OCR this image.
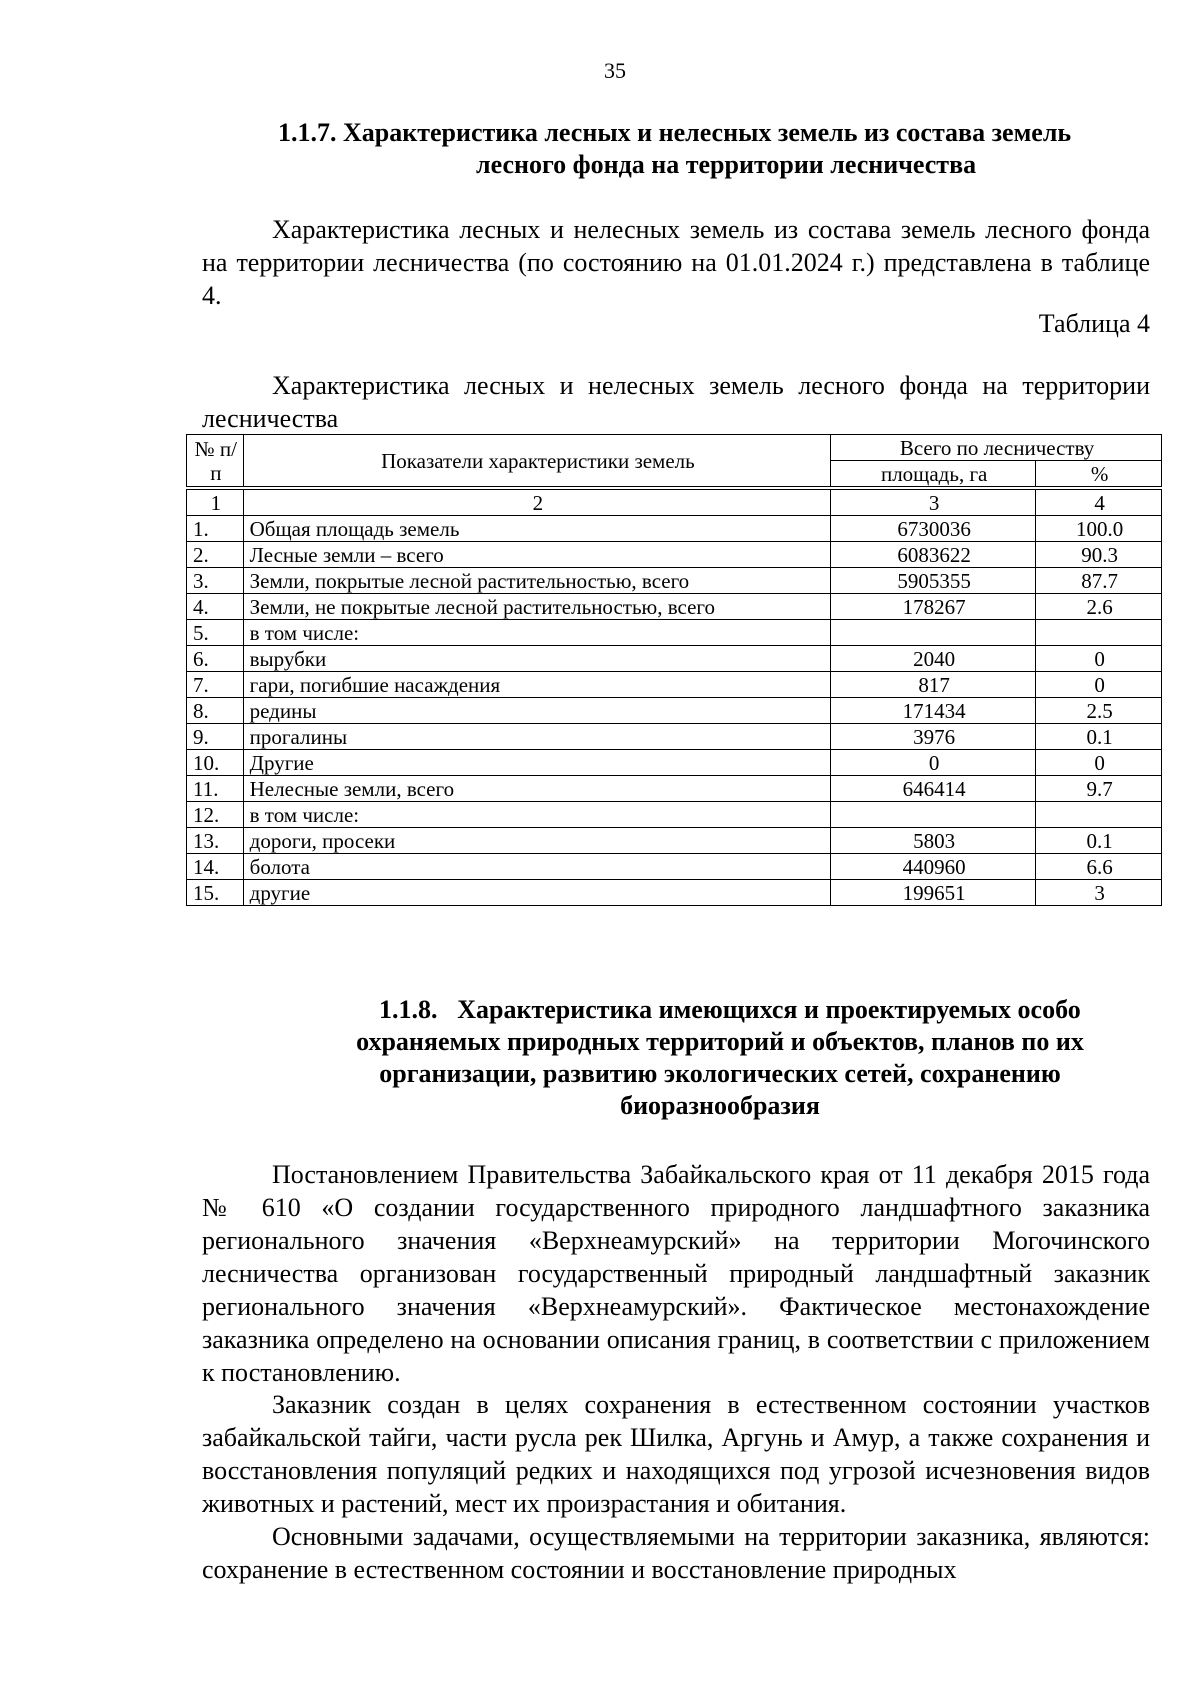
35
1.1.7. Характеристика лесных и нелесных земель из состава земель
лесного фонда на территории лесничества

Характеристика лесных и нелесных земель из состава земель лесного фонда на территории лесничества (по состоянию на 01.01.2024 г.) представлена в таблице 4.

Таблица 4

Характеристика лесных и нелесных земель лесного фонда на территории лесничества

№ п/п	Показатели характеристики земель	Всего по лесничеству	
		площадь, га	%
1	2	3	4
1.	Общая площадь земель	6730036	100.0
2.	Лесные земли – всего	6083622	90.3
3.	Земли, покрытые лесной растительностью, всего	5905355	87.7
4.	Земли, не покрытые лесной растительностью, всего	178267	2.6
5.	в том числе:		
6.	вырубки	2040	0
7.	гари, погибшие насаждения	817	0
8.	редины	171434	2.5
9.	прогалины	3976	0.1
10.	Другие	0	0
11.	Нелесные земли, всего	646414	9.7
12.	в том числе:		
13.	дороги, просеки	5803	0.1
14.	болота	440960	6.6
15.	другие	199651	3
1.1.8. Характеристика имеющихся и проектируемых особо
охраняемых природных территорий и объектов, планов по их
организации, развитию экологических сетей, сохранению
биоразнообразия

Постановлением Правительства Забайкальского края от 11 декабря 2015 года № 610 «О создании государственного природного ландшафтного заказника регионального значения «Верхнеамурский» на территории Могочинского лесничества организован государственный природный ландшафтный заказник регионального значения «Верхнеамурский». Фактическое местонахождение заказника определено на основании описания границ, в соответствии с приложением к постановлению.

Заказник создан в целях сохранения в естественном состоянии участков забайкальской тайги, части русла рек Шилка, Аргунь и Амур, а также сохранения и восстановления популяций редких и находящихся под угрозой исчезновения видов животных и растений, мест их произрастания и обитания.

Основными задачами, осуществляемыми на территории заказника, являются: сохранение в естественном состоянии и восстановление природных
